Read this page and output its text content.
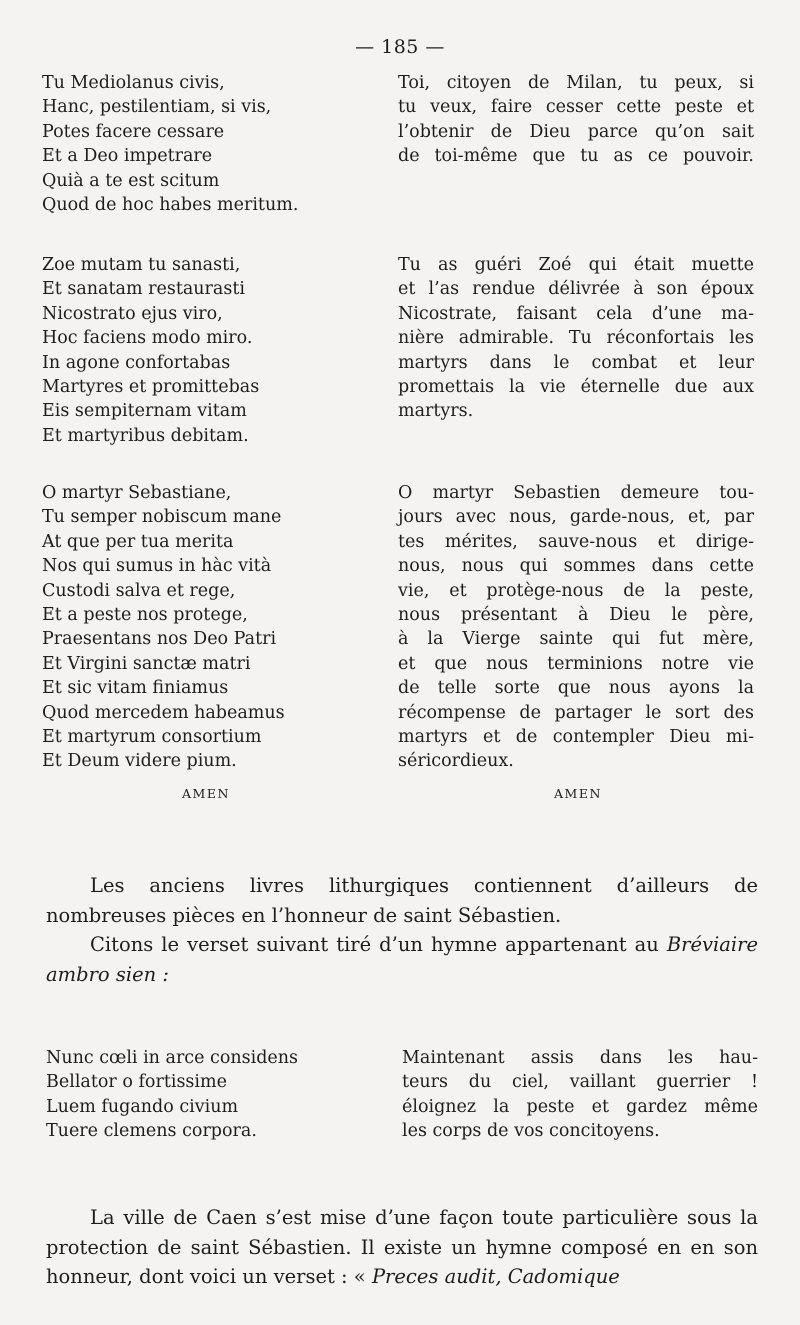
— 185 —
Tu Mediolanus civis,
Hanc, pestilentiam, si vis,
Potes facere cessare
Et a Deo impetrare
Quià a te est scitum
Quod de hoc habes meritum.
Toi, citoyen de Milan, tu peux, si
tu veux, faire cesser cette peste et
l’obtenir de Dieu parce qu’on sait
de toi-même que tu as ce pouvoir.
Zoe mutam tu sanasti,
Et sanatam restaurasti
Nicostrato ejus viro,
Hoc faciens modo miro.
In agone confortabas
Martyres et promittebas
Eis sempiternam vitam
Et martyribus debitam.
Tu as guéri Zoé qui était muette
et l’as rendue délivrée à son époux
Nicostrate, faisant cela d’une ma-
nière admirable. Tu réconfortais les
martyrs dans le combat et leur
promettais la vie éternelle due aux
martyrs.
O martyr Sebastiane,
Tu semper nobiscum mane
At que per tua merita
Nos qui sumus in hàc vità
Custodi salva et rege,
Et a peste nos protege,
Praesentans nos Deo Patri
Et Virgini sanctæ matri
Et sic vitam finiamus
Quod mercedem habeamus
Et martyrum consortium
Et Deum videre pium.
O martyr Sebastien demeure tou-
jours avec nous, garde-nous, et, par
tes mérites, sauve-nous et dirige-
nous, nous qui sommes dans cette
vie, et protège-nous de la peste,
nous présentant à Dieu le père,
à la Vierge sainte qui fut mère,
et que nous terminions notre vie
de telle sorte que nous ayons la
récompense de partager le sort des
martyrs et de contempler Dieu mi-
séricordieux.
AMEN	AMEN
Les anciens livres lithurgiques contiennent d’ailleurs de nombreuses pièces en l’honneur de saint Sébastien.
Citons le verset suivant tiré d’un hymne appartenant au Bréviaire ambro sien :
Nunc cœli in arce considens
Bellator o fortissime
Luem fugando civium
Tuere clemens corpora.
Maintenant assis dans les hau-
teurs du ciel, vaillant guerrier !
éloignez la peste et gardez même
les corps de vos concitoyens.
La ville de Caen s’est mise d’une façon toute particulière sous la protection de saint Sébastien. Il existe un hymne composé en en son honneur, dont voici un verset : « Preces audit, Cadomique
